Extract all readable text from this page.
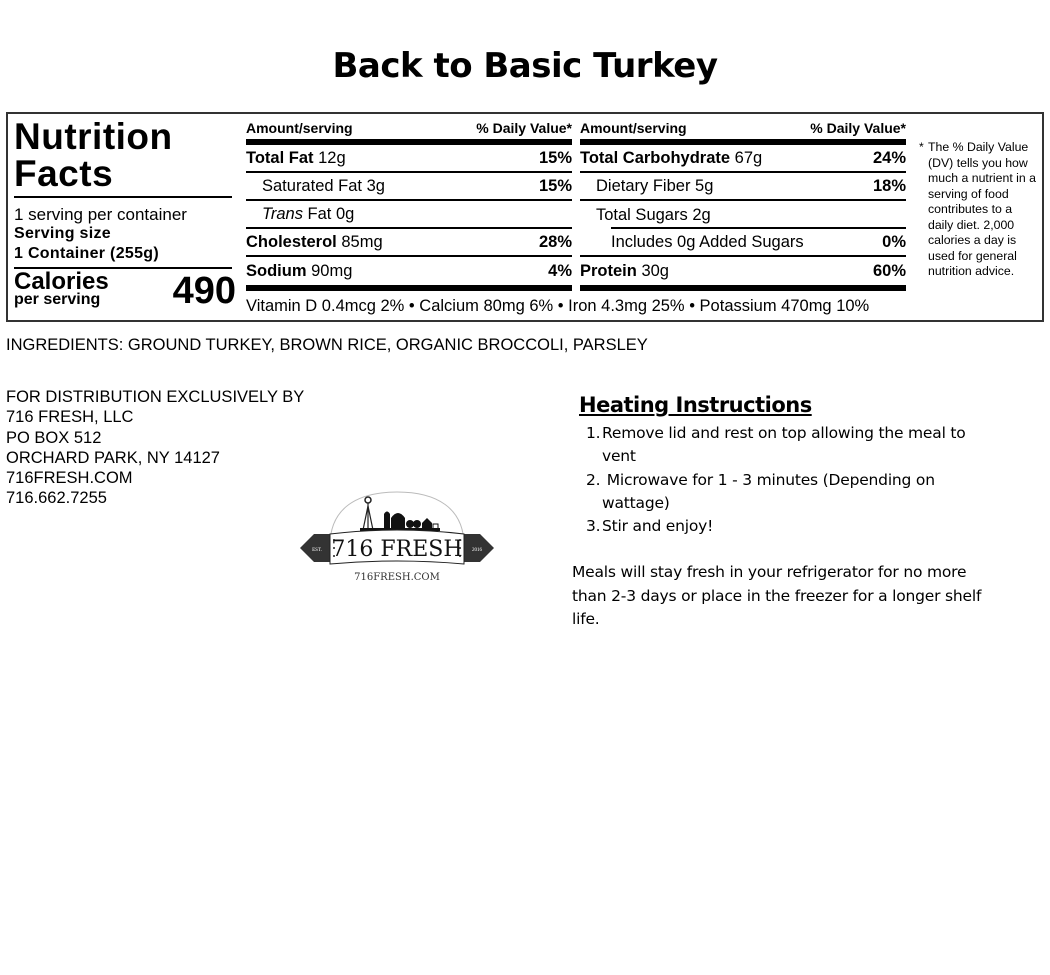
Back to Basic Turkey
Nutrition
Facts
1 serving per container
Serving size
1 Container (255g)
Calories
per serving 490
Amount/serving	% Daily Value*
Total Fat 12g	15%
Saturated Fat 3g	15%
Trans Fat 0g
Cholesterol 85mg	28%
Sodium 90mg	4%
Amount/serving	% Daily Value*
Total Carbohydrate 67g	24%
Dietary Fiber 5g	18%
Total Sugars 2g
Includes 0g Added Sugars	0%
Protein 30g	60%
Vitamin D 0.4mcg 2% • Calcium 80mg 6% • Iron 4.3mg 25% • Potassium 470mg 10%
* The % Daily Value (DV) tells you how much a nutrient in a serving of food contributes to a daily diet. 2,000 calories a day is used for general nutrition advice.
INGREDIENTS: GROUND TURKEY, BROWN RICE, ORGANIC BROCCOLI, PARSLEY
FOR DISTRIBUTION EXCLUSIVELY BY
716 FRESH, LLC
PO BOX 512
ORCHARD PARK, NY 14127
716FRESH.COM
716.662.7255
EST.	2016
716 FRESH
716FRESH.COM
Heating Instructions
1. Remove lid and rest on top allowing the meal to vent
2. Microwave for 1 - 3 minutes (Depending on wattage)
3. Stir and enjoy!
Meals will stay fresh in your refrigerator for no more than 2-3 days or place in the freezer for a longer shelf life.
